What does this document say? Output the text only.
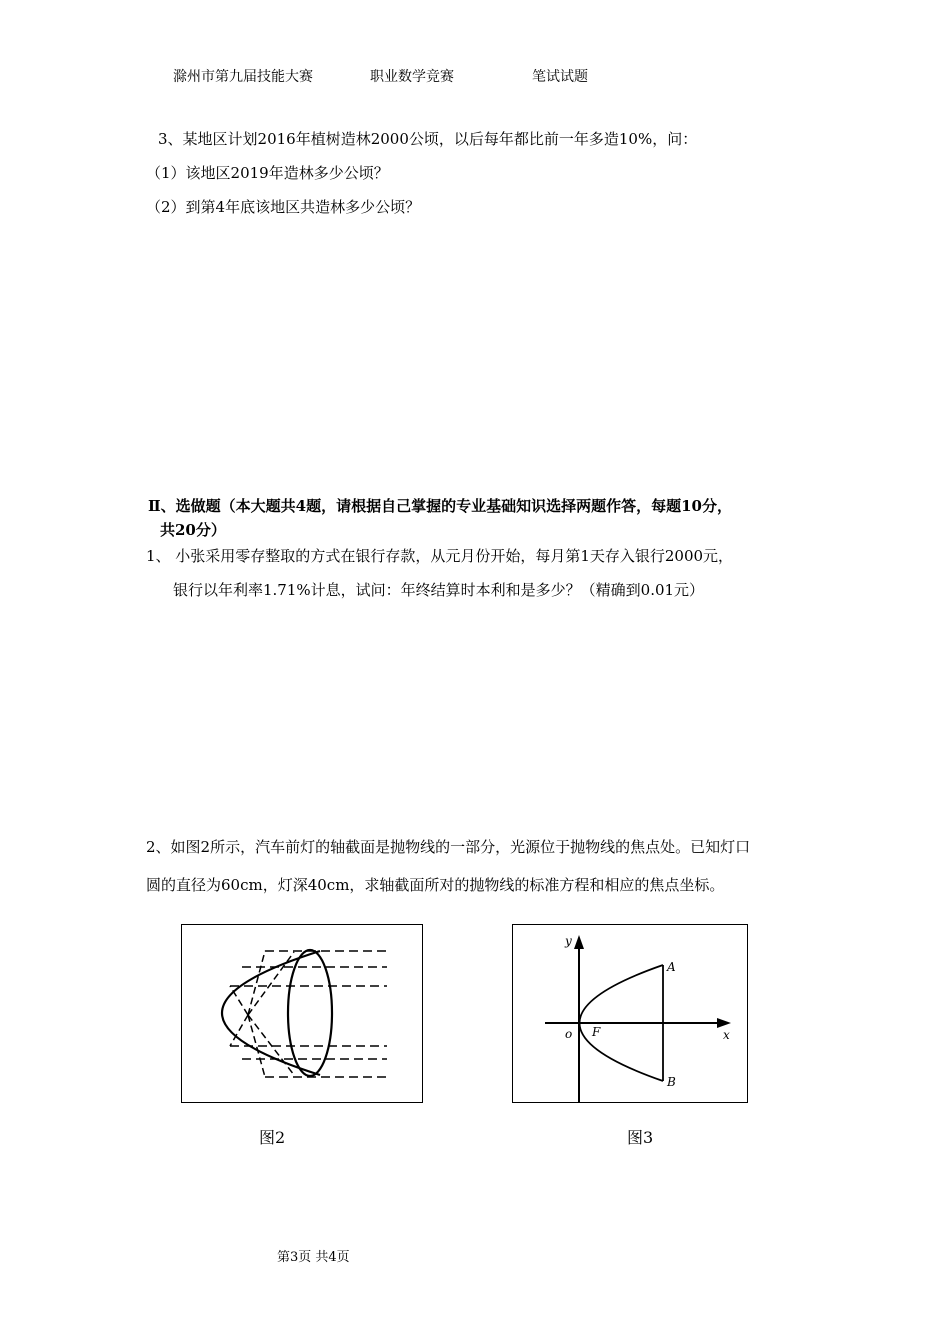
滁州市第九届技能大赛	职业数学竞赛	笔试试题
3、某地区计划2016年植树造林2000公顷，以后每年都比前一年多造10%，问：
（1）该地区2019年造林多少公顷？
（2）到第4年底该地区共造林多少公顷？
Ⅱ、选做题（本大题共4题，请根据自己掌握的专业基础知识选择两题作答，每题10分，
共20分）
1、 小张采用零存整取的方式在银行存款，从元月份开始，每月第1天存入银行2000元，
银行以年利率1.71%计息，试问：年终结算时本利和是多少？（精确到0.01元）
2、如图2所示，汽车前灯的轴截面是抛物线的一部分，光源位于抛物线的焦点处。已知灯口
圆的直径为60cm，灯深40cm，求轴截面所对的抛物线的标准方程和相应的焦点坐标。
图2
y
x
o F
A
B
图3
第3页 共4页
